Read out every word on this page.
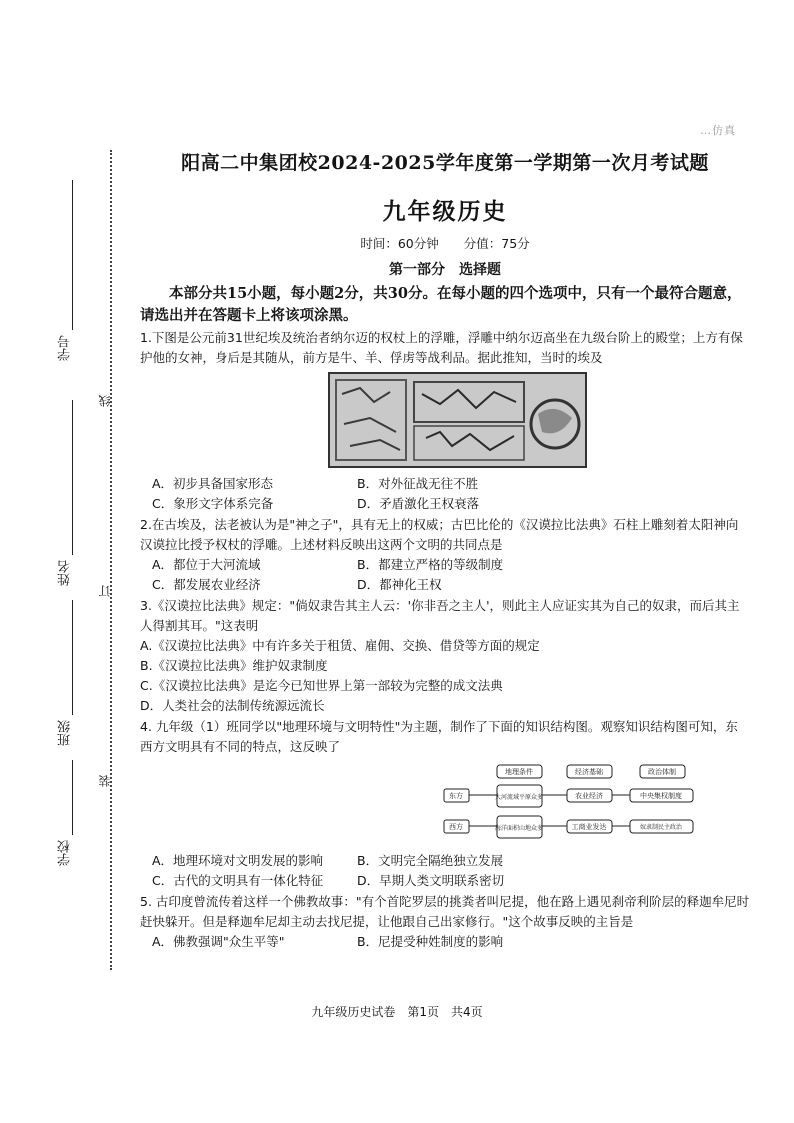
…仿真
学号
姓名
班级
学校
线
订
装
阳高二中集团校2024-2025学年度第一学期第一次月考试题
九年级历史
时间：60分钟　　分值：75分
第一部分　选择题
本部分共15小题，每小题2分，共30分。在每小题的四个选项中，只有一个最符合题意，请选出并在答题卡上将该项涂黑。
1.下图是公元前31世纪埃及统治者纳尔迈的权杖上的浮雕，浮雕中纳尔迈高坐在九级台阶上的殿堂；上方有保护他的女神，身后是其随从，前方是牛、羊、俘虏等战利品。据此推知，当时的埃及
A．初步具备国家形态	B．对外征战无往不胜
C．象形文字体系完备	D．矛盾激化王权衰落
2.在古埃及，法老被认为是"神之子"，具有无上的权威；古巴比伦的《汉谟拉比法典》石柱上雕刻着太阳神向汉谟拉比授予权杖的浮雕。上述材料反映出这两个文明的共同点是
A．都位于大河流域	B．都建立严格的等级制度
C．都发展农业经济	D．都神化王权
3.《汉谟拉比法典》规定："倘奴隶告其主人云：'你非吾之主人'，则此主人应证实其为自己的奴隶，而后其主人得割其耳。"这表明
A.《汉谟拉比法典》中有许多关于租赁、雇佣、交换、借贷等方面的规定
B.《汉谟拉比法典》维护奴隶制度
C.《汉谟拉比法典》是迄今已知世界上第一部较为完整的成文法典
D．人类社会的法制传统源远流长
4. 九年级（1）班同学以"地理环境与文明特性"为主题，制作了下面的知识结构图。观察知识结构图可知，东西方文明具有不同的特点，这反映了
地理条件	经济基础	政治体制
东方	大河流域平原众多	农业经济	中央集权制度
西方	海洋面积山地众多	工商业发达	奴隶制民主政治
A．地理环境对文明发展的影响	B．文明完全隔绝独立发展
C．古代的文明具有一体化特征	D．早期人类文明联系密切
5. 古印度曾流传着这样一个佛教故事："有个首陀罗层的挑粪者叫尼提，他在路上遇见刹帝利阶层的释迦牟尼时赶快躲开。但是释迦牟尼却主动去找尼提，让他跟自己出家修行。"这个故事反映的主旨是
A．佛教强调"众生平等"	B．尼提受种姓制度的影响
九年级历史试卷　第1页　共4页
